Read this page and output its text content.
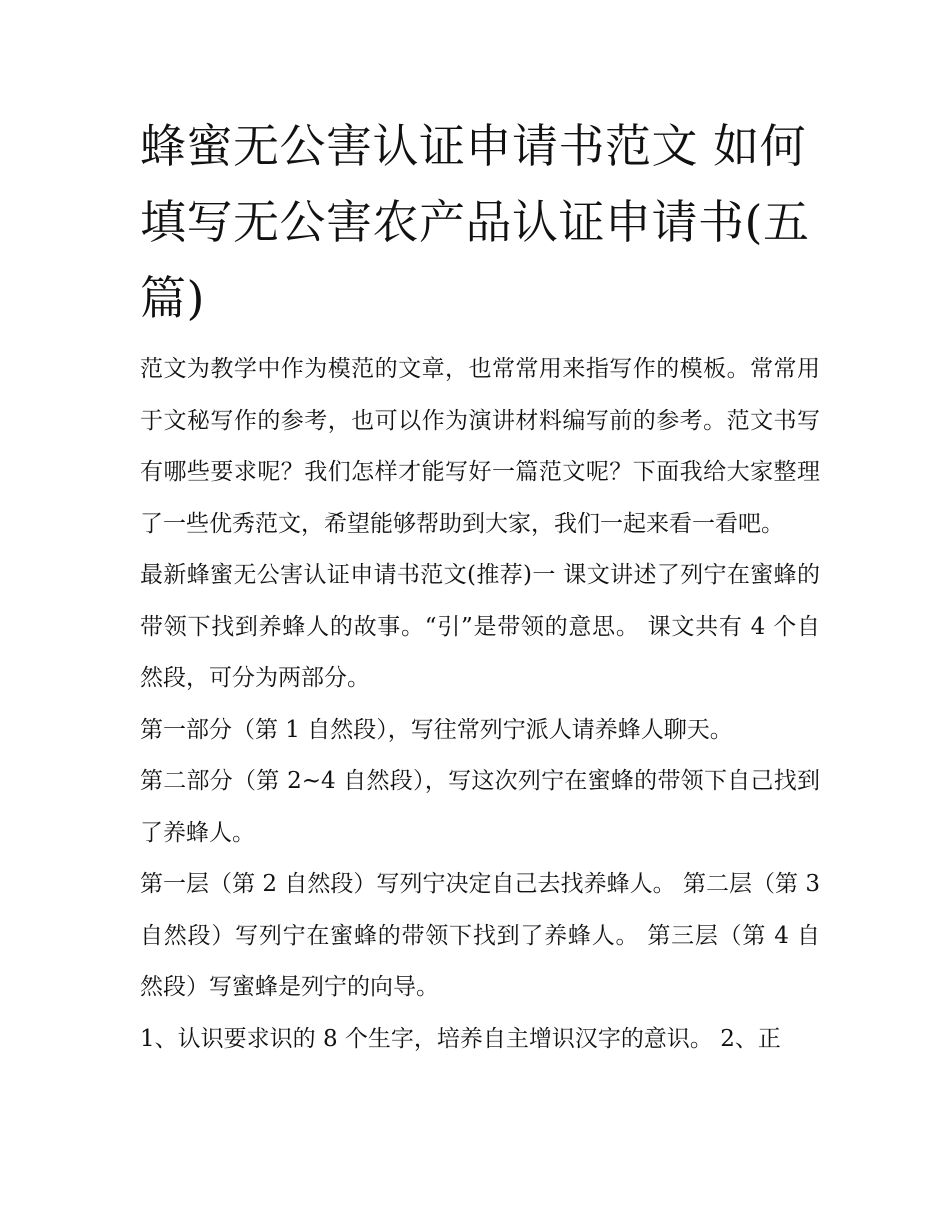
蜂蜜无公害认证申请书范文 如何填写无公害农产品认证申请书(五篇)

范文为教学中作为模范的文章，也常常用来指写作的模板。常常用于文秘写作的参考，也可以作为演讲材料编写前的参考。范文书写有哪些要求呢？我们怎样才能写好一篇范文呢？下面我给大家整理了一些优秀范文，希望能够帮助到大家，我们一起来看一看吧。

最新蜂蜜无公害认证申请书范文(推荐)一 课文讲述了列宁在蜜蜂的带领下找到养蜂人的故事。“引”是带领的意思。 课文共有 4 个自然段，可分为两部分。

第一部分（第 1 自然段），写往常列宁派人请养蜂人聊天。

第二部分（第 2~4 自然段），写这次列宁在蜜蜂的带领下自己找到了养蜂人。

第一层（第 2 自然段）写列宁决定自己去找养蜂人。 第二层（第 3 自然段）写列宁在蜜蜂的带领下找到了养蜂人。 第三层（第 4 自然段）写蜜蜂是列宁的向导。

1、认识要求识的 8 个生字，培养自主增识汉字的意识。 2、正
